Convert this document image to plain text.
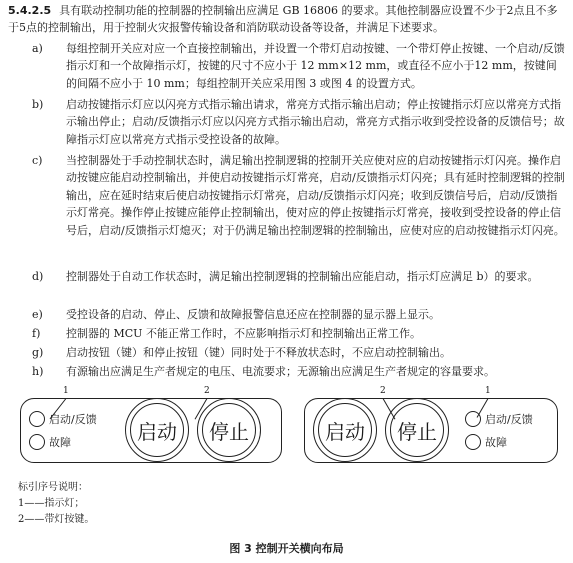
5.4.2.5 具有联动控制功能的控制器的控制输出应满足 GB 16806 的要求。其他控制器应设置不少于2点且不多于5点的控制输出，用于控制火灾报警传输设备和消防联动设备等设备，并满足下述要求。
a) 每组控制开关应对应一个直接控制输出，并设置一个带灯启动按键、一个带灯停止按键、一个启动/反馈指示灯和一个故障指示灯，按键的尺寸不应小于 12 mm×12 mm，或直径不应小于12 mm，按键间的间隔不应小于 10 mm；每组控制开关应采用图 3 或图 4 的设置方式。
b) 启动按键指示灯应以闪亮方式指示输出请求，常亮方式指示输出启动；停止按键指示灯应以常亮方式指示输出停止；启动/反馈指示灯应以闪亮方式指示输出启动，常亮方式指示收到受控设备的反馈信号；故障指示灯应以常亮方式指示受控设备的故障。
c) 当控制器处于手动控制状态时，满足输出控制逻辑的控制开关应使对应的启动按键指示灯闪亮。操作启动按键应能启动控制输出，并使启动按键指示灯常亮，启动/反馈指示灯闪亮；具有延时控制逻辑的控制输出，应在延时结束后使启动按键指示灯常亮，启动/反馈指示灯闪亮；收到反馈信号后，启动/反馈指示灯常亮。操作停止按键应能停止控制输出，使对应的停止按键指示灯常亮，接收到受控设备的停止信号后，启动/反馈指示灯熄灭；对于仍满足输出控制逻辑的控制输出，应使对应的启动按键指示灯闪亮。
d) 控制器处于自动工作状态时，满足输出控制逻辑的控制输出应能启动，指示灯应满足 b）的要求。
e) 受控设备的启动、停止、反馈和故障报警信息还应在控制器的显示器上显示。
f) 控制器的 MCU 不能正常工作时，不应影响指示灯和控制输出正常工作。
g) 启动按钮（键）和停止按钮（键）同时处于不释放状态时，不应启动控制输出。
h) 有源输出应满足生产者规定的电压、电流要求；无源输出应满足生产者规定的容量要求。
启动/反馈
故障	启动	停止
1	2
启动	停止	启动/反馈
故障
2	1
标引序号说明：
1——指示灯；
2——带灯按键。
图 3 控制开关横向布局
